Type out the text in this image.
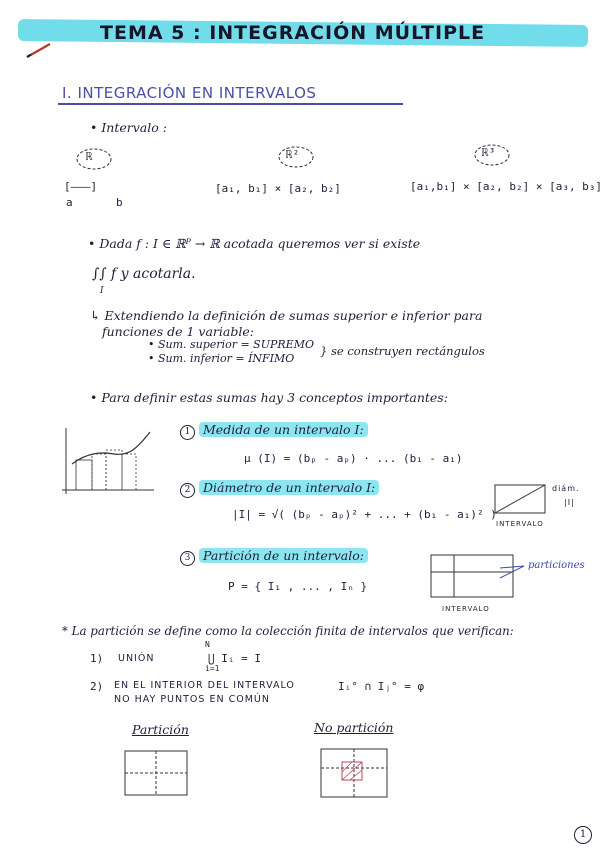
TEMA 5 : INTEGRACIÓN MÚLTIPLE
I. INTEGRACIÓN EN INTERVALOS
• Intervalo :
ℝ	ℝ²	ℝ³
[———]
a	b
[a₁, b₁] × [a₂, b₂]	[a₁,b₁] × [a₂, b₂] × [a₃, b₃]
• Dada f : I ∈ ℝᴾ → ℝ acotada queremos ver si existe
∫∫ f y acotarla.
I
↳ Extendiendo la definición de sumas superior e inferior para
funciones de 1 variable:
• Sum. superior = SUPREMO
• Sum. inferior = ÍNFIMO
} se construyen rectángulos
• Para definir estas sumas hay 3 conceptos importantes:
1 Medida de un intervalo I:
μ (I) = (bₚ - aₚ) · ... (b₁ - a₁)
2 Diámetro de un intervalo I:
|I| = √( (bₚ - aₚ)² + ... + (b₁ - a₁)² )
diám.
|I|
INTERVALO
3 Partición de un intervalo:
P = { I₁ , ... , Iₙ }
particiones
INTERVALO
* La partición se define como la colección finita de intervalos que verifican:
1) UNIÓN
N
⋃ Iᵢ = I
i=1
2) EN EL INTERIOR DEL INTERVALO
NO HAY PUNTOS EN COMÚN
Iᵢ° ∩ Iⱼ° = φ
Partición	No partición
1
